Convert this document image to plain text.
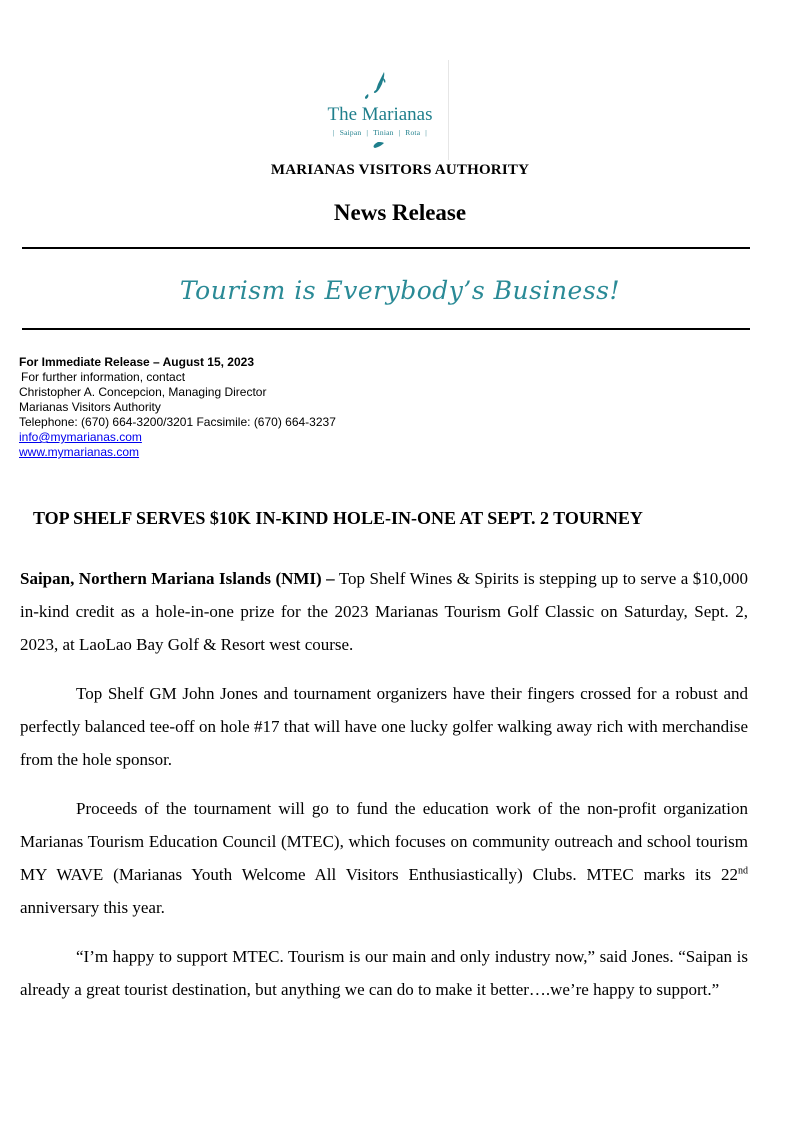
The Marianas
| Saipan | Tinian | Rota |
MARIANAS VISITORS AUTHORITY
News Release
Tourism is Everybody’s Business!
For Immediate Release – August 15, 2023
For further information, contact
Christopher A. Concepcion, Managing Director
Marianas Visitors Authority
Telephone: (670) 664-3200/3201 Facsimile: (670) 664-3237
info@mymarianas.com
www.mymarianas.com
TOP SHELF SERVES $10K IN-KIND HOLE-IN-ONE AT SEPT. 2 TOURNEY

Saipan, Northern Mariana Islands (NMI) – Top Shelf Wines & Spirits is stepping up to serve a $10,000 in-kind credit as a hole-in-one prize for the 2023 Marianas Tourism Golf Classic on Saturday, Sept. 2, 2023, at LaoLao Bay Golf & Resort west course.

Top Shelf GM John Jones and tournament organizers have their fingers crossed for a robust and perfectly balanced tee-off on hole #17 that will have one lucky golfer walking away rich with merchandise from the hole sponsor.

Proceeds of the tournament will go to fund the education work of the non-profit organization Marianas Tourism Education Council (MTEC), which focuses on community outreach and school tourism MY WAVE (Marianas Youth Welcome All Visitors Enthusiastically) Clubs. MTEC marks its 22nd anniversary this year.

“I’m happy to support MTEC. Tourism is our main and only industry now,” said Jones. “Saipan is already a great tourist destination, but anything we can do to make it better….we’re happy to support.”
